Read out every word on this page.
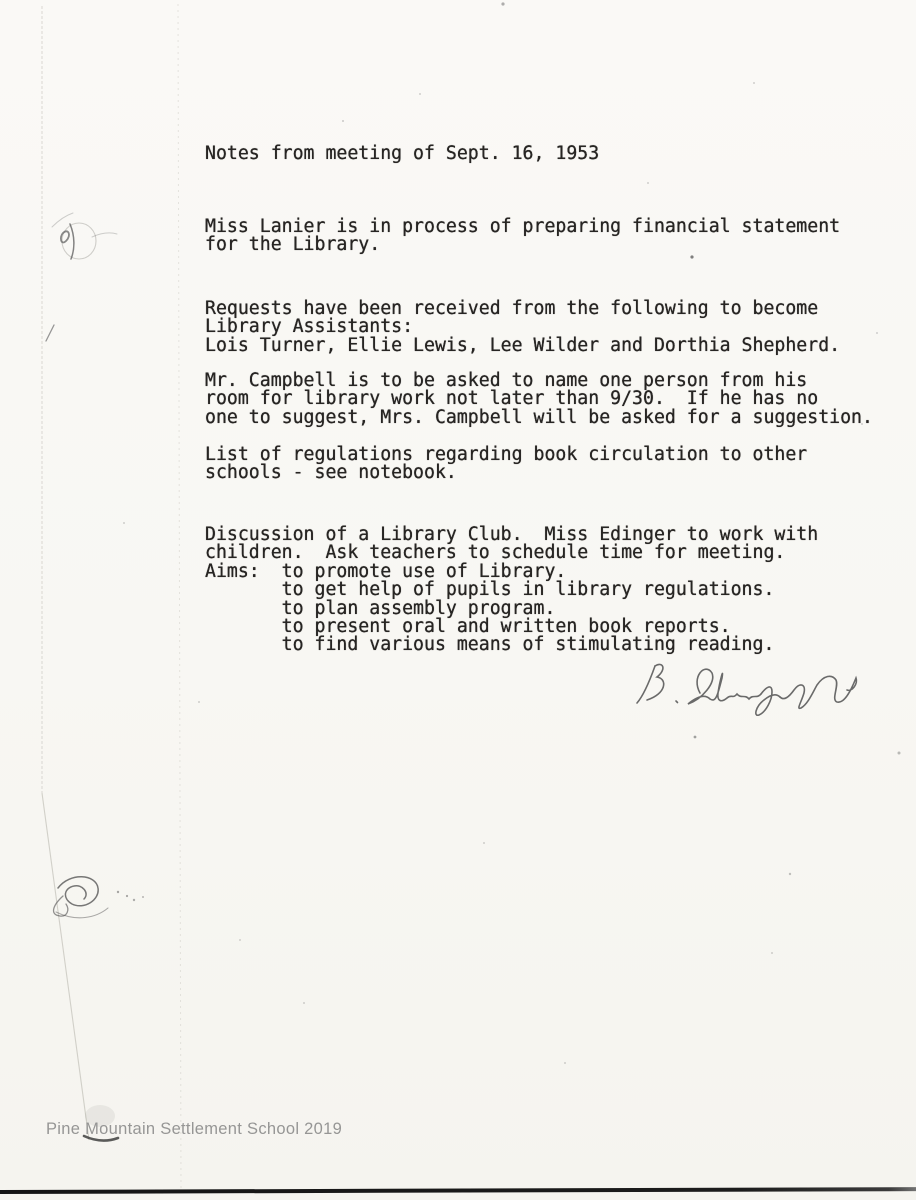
Notes from meeting of Sept. 16, 1953
Miss Lanier is in process of preparing financial statement
for the Library.
Requests have been received from the following to become
Library Assistants:
Lois Turner, Ellie Lewis, Lee Wilder and Dorthia Shepherd.
Mr. Campbell is to be asked to name one person from his
room for library work not later than 9/30.  If he has no
one to suggest, Mrs. Campbell will be asked for a suggestion.
List of regulations regarding book circulation to other
schools - see notebook.
Discussion of a Library Club.  Miss Edinger to work with
children.  Ask teachers to schedule time for meeting.
Aims:  to promote use of Library.
to get help of pupils in library regulations.
to plan assembly program.
to present oral and written book reports.
to find various means of stimulating reading.
Pine Mountain Settlement School 2019
